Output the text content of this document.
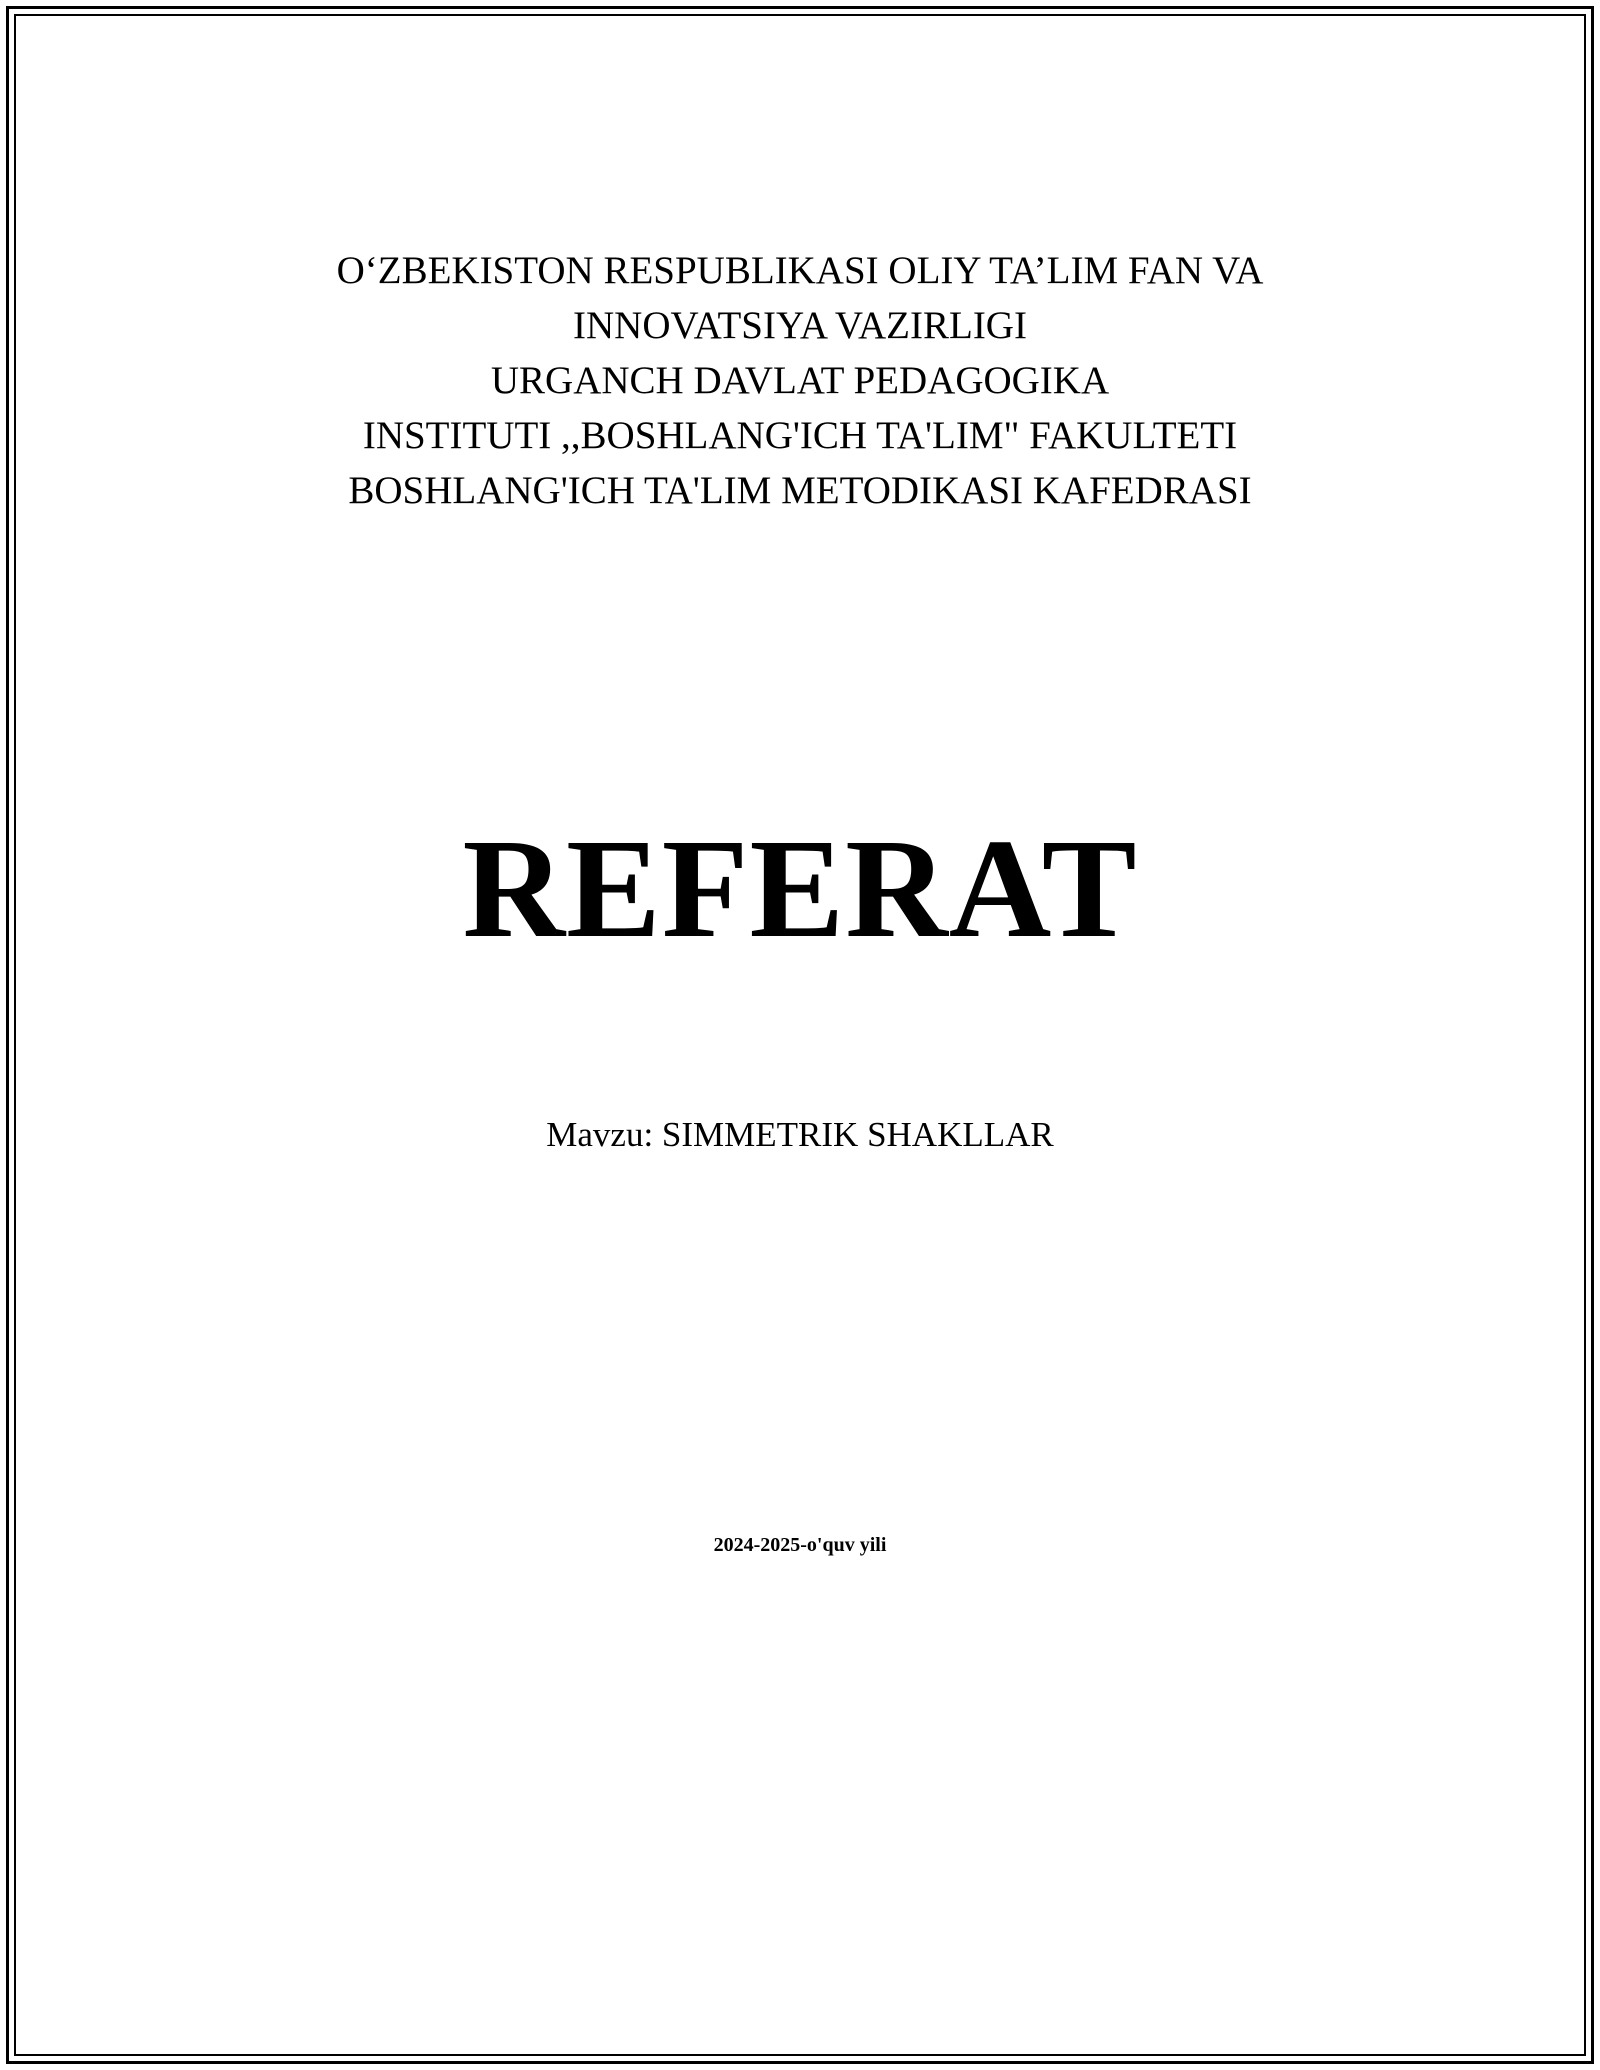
O‘ZBEKISTON RESPUBLIKASI OLIY TA’LIM FAN VA
INNOVATSIYA VAZIRLIGI
URGANCH DAVLAT PEDAGOGIKA
INSTITUTI ,,BOSHLANG'ICH TA'LIM" FAKULTETI
BOSHLANG'ICH TA'LIM METODIKASI KAFEDRASI
REFERAT
Mavzu: SIMMETRIK SHAKLLAR
2024-2025-o'quv yili
